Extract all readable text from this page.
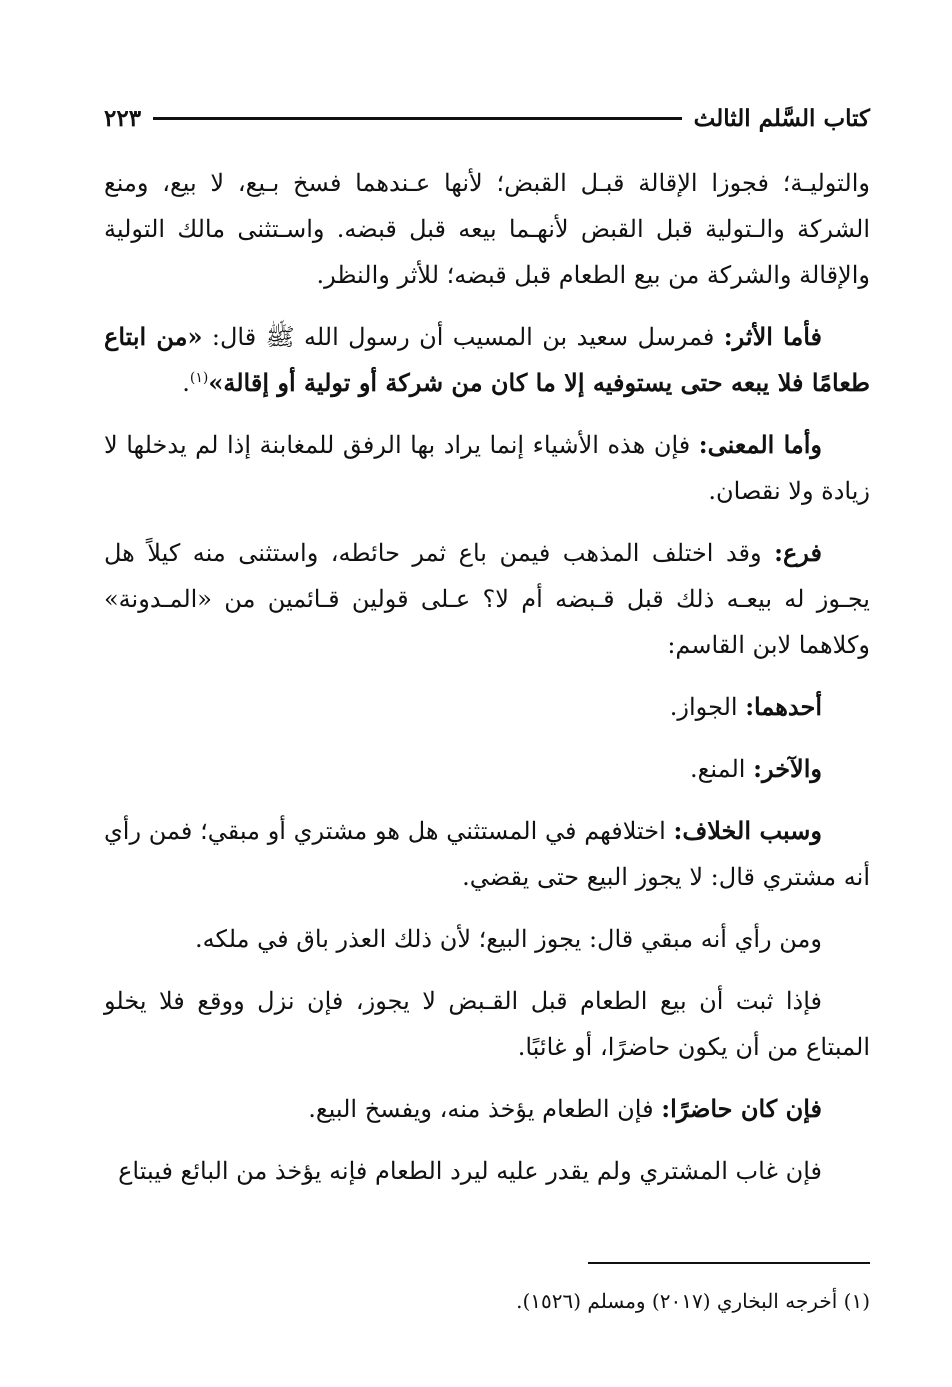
كتاب السَّلم الثالث
٢٢٣

والتوليـة؛ فجوزا الإقالة قبـل القبض؛ لأنها عـندهما فسخ بـيع، لا بيع، ومنع الشركة والـتولية قبل القبض لأنهـما بيعه قبل قبضه. واسـتثنى مالك التولية والإقالة والشركة من بيع الطعام قبل قبضه؛ للأثر والنظر.

فأما الأثر: فمرسل سعيد بن المسيب أن رسول الله ﷺ قال: «من ابتاع طعامًا فلا يبعه حتى يستوفيه إلا ما كان من شركة أو تولية أو إقالة»$^{(١)}$.

وأما المعنى: فإن هذه الأشياء إنما يراد بها الرفق للمغابنة إذا لم يدخلها لا زيادة ولا نقصان.

فرع: وقد اختلف المذهب فيمن باع ثمر حائطه، واستثنى منه كيلاً هل يجـوز له بيعـه ذلك قبل قـبضه أم لا؟ عـلى قولين قـائمين من «المـدونة» وكلاهما لابن القاسم:

أحدهما: الجواز.

والآخر: المنع.

وسبب الخلاف: اختلافهم في المستثني هل هو مشتري أو مبقي؛ فمن رأي أنه مشتري قال: لا يجوز البيع حتى يقضي.

ومن رأي أنه مبقي قال: يجوز البيع؛ لأن ذلك العذر باق في ملكه.

فإذا ثبت أن بيع الطعام قبل القـبض لا يجوز، فإن نزل ووقع فلا يخلو المبتاع من أن يكون حاضرًا، أو غائبًا.

فإن كان حاضرًا: فإن الطعام يؤخذ منه، ويفسخ البيع.

فإن غاب المشتري ولم يقدر عليه ليرد الطعام فإنه يؤخذ من البائع فيبتاع

(١) أخرجه البخاري (٢٠١٧) ومسلم (١٥٢٦).
